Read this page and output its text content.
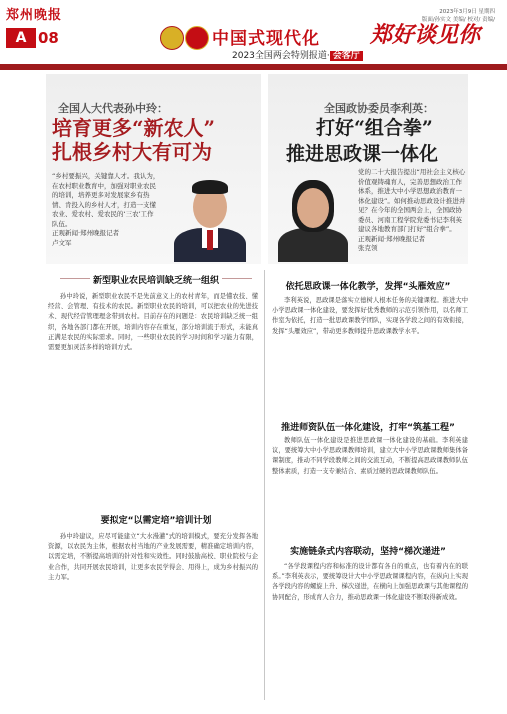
郑州晚报
A 08
2023年3月9日 星期四
版面/孙实文 美编/ 校对/ 责编/
中国式现代化 郑好谈见你
2023全国两会特别报道· 会客厅
全国人大代表孙中玲：
培育更多“新农人”
扎根乡村大有可为
“乡村要振兴，关键靠人才。我认为，在农村职业教育中，加强对职业农民的培训，培养更多对发展家乡有热情、肯投入的乡村人才，打造一支懂农业、爱农村、爱农民的‘三农’工作队伍。
正观新闻·郑州晚报记者
卢文军
全国政协委员李利英：
打好“组合拳”
推进思政课一体化
党的二十大报告提出“用社会主义核心价值观铸魂育人，完善思想政治工作体系，推进大中小学思想政治教育一体化建设”。如何推动思政设计推进并见？在今年的全国两会上，全国政协委员、河南工程学院党委书记李利英建议各地教育部门打好“组合拳”。
正观新闻·郑州晚报记者
张克领
新型职业农民培训缺乏统一组织

孙中玲说，新型职业农民不是先前意义上的农村青年，而是懂农技、懂经营、会管理、有技术的农民。新型职业农民的培训，可以把农业的先进技术、现代经营管理理念带到农村。目前存在的问题是：农民培训缺乏统一组织，各地各部门都在开展，培训内容存在重复，部分培训流于形式，未能真正满足农民的实际需求。同时，一些职业农民的学习时间和学习能力有限，需要更加灵活多样的培训方式。

要拟定“以需定培”培训计划

孙中玲建议，应尽可能建立“大水漫灌”式的培训模式，要充分发挥各地资源，以农民为主体，根据农村当地的产业发展需要，精准确定培训内容，以需定培，不断提高培训的针对性和实效性。同时鼓励高校、职业院校与企业合作，共同开展农民培训，让更多农民学得会、用得上，成为乡村振兴的主力军。

依托思政课一体化教学，发挥“头雁效应”

李利英说，思政课是落实立德树人根本任务的关键课程。推进大中小学思政课一体化建设，要发挥好优秀教师的示范引领作用，以名师工作室为依托，打造一批思政课教学团队，实现各学段之间的有效衔接，发挥“头雁效应”，带动更多教师提升思政课教学水平。

推进师资队伍一体化建设，打牢“筑基工程”

教师队伍一体化建设是推进思政课一体化建设的基础。李利英建议，要统筹大中小学思政课教师培训，建立大中小学思政课教师集体备课制度，推动不同学段教师之间的交流互动，不断提高思政课教师队伍整体素质，打造一支专兼结合、素质过硬的思政课教师队伍。

实施链条式内容联动，坚持“梯次递进”

“各学段课程内容和标准的设计都有各自的重点，也有着内在的联系。”李利英表示，要统筹设计大中小学思政课课程内容，在纵向上实现各学段内容的螺旋上升、梯次递进，在横向上加强思政课与其他课程的协同配合，形成育人合力，推动思政课一体化建设不断取得新成效。
